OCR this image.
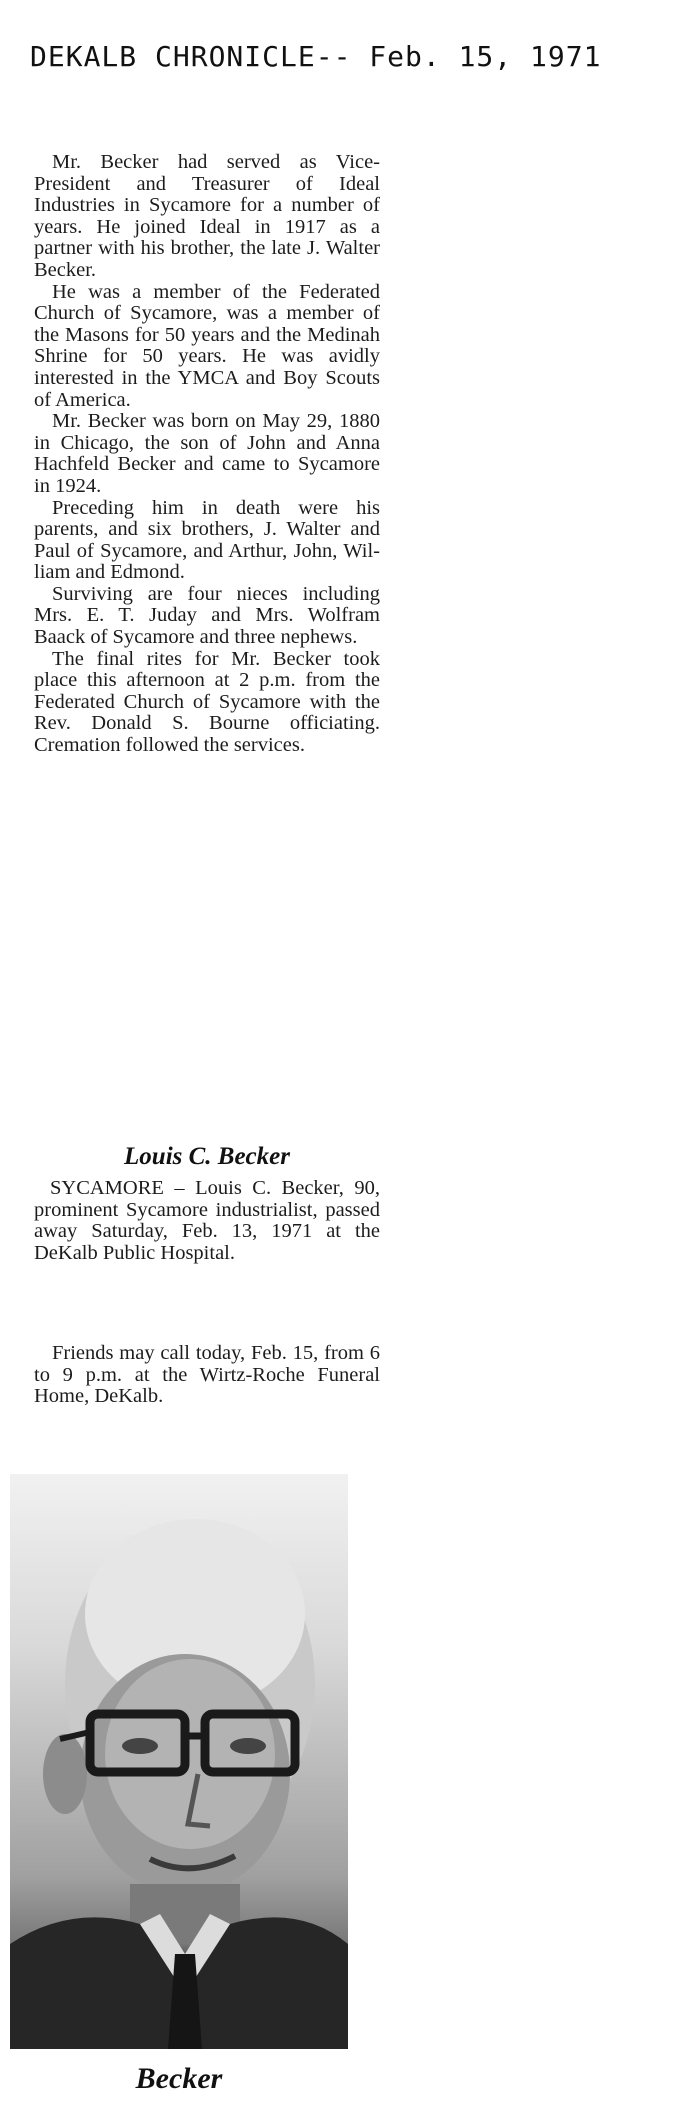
DEKALB CHRONICLE-- Feb. 15, 1971

Mr. Becker had served as Vice-President and Treasurer of Ideal Industries in Sycamore for a number of years. He joined Ideal in 1917 as a partner with his brother, the late J. Walter Becker.

He was a member of the Federated Church of Sycamore, was a member of the Masons for 50 years and the Medinah Shrine for 50 years. He was avidly interested in the YMCA and Boy Scouts of America.

Mr. Becker was born on May 29, 1880 in Chicago, the son of John and Anna Hachfeld Becker and came to Sycamore in 1924.

Preceding him in death were his parents, and six brothers, J. Walter and Paul of Sycamore, and Arthur, John, William and Edmond.

Surviving are four nieces including Mrs. E. T. Juday and Mrs. Wolfram Baack of Sycamore and three nephews.

The final rites for Mr. Becker took place this afternoon at 2 p.m. from the Federated Church of Sycamore with the Rev. Donald S. Bourne officiating. Cremation followed the services.

Louis C. Becker

SYCAMORE – Louis C. Becker, 90, prominent Sycamore industrialist, passed away Saturday, Feb. 13, 1971 at the DeKalb Public Hospital.

Friends may call today, Feb. 15, from 6 to 9 p.m. at the Wirtz-Roche Funeral Home, DeKalb.

Becker
